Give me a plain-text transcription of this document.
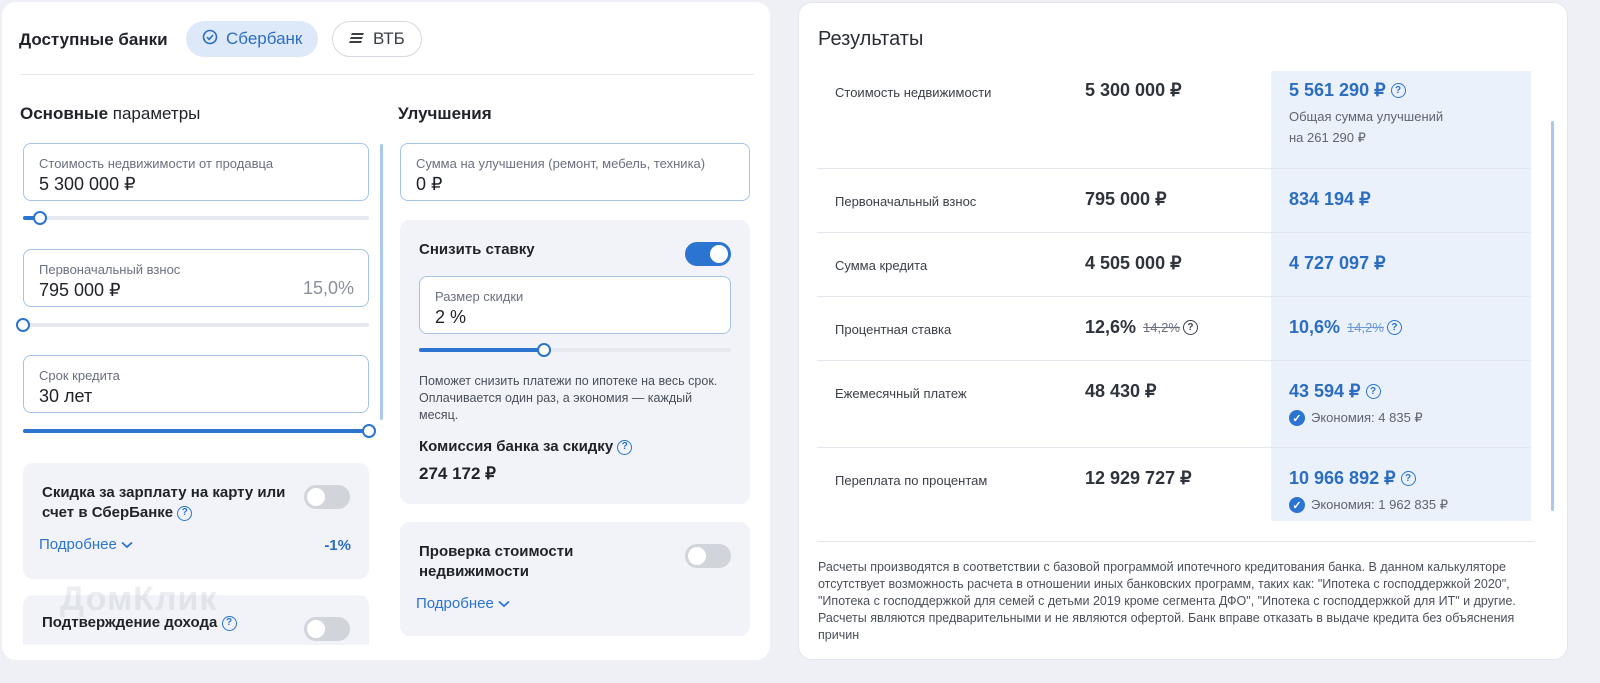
Доступные банки	Сбербанк	ВТБ
Основные параметры
Стоимость недвижимости от продавца
5 300 000 ₽
Первоначальный взнос
795 000 ₽	15,0%
Срок кредита
30 лет
Скидка за зарплату на карту или счет в СберБанке ?
Подробнее	-1%
Подтверждение дохода ?
ДомКлик
Улучшения
Сумма на улучшения (ремонт, мебель, техника)
0 ₽
Снизить ставку
Размер скидки
2 %
Поможет снизить платежи по ипотеке на весь срок. Оплачивается один раз, а экономия — каждый месяц.
Комиссия банка за скидку ?
274 172 ₽
Проверка стоимости недвижимости
Подробнее
Результаты
Стоимость недвижимости	5 300 000 ₽	5 561 290 ₽ ?
Общая сумма улучшений
на 261 290 ₽
Первоначальный взнос	795 000 ₽	834 194 ₽
Сумма кредита	4 505 000 ₽	4 727 097 ₽
Процентная ставка	12,6% 14,2% ?	10,6% 14,2% ?
Ежемесячный платеж	48 430 ₽	43 594 ₽ ?
✓ Экономия: 4 835 ₽
Переплата по процентам	12 929 727 ₽	10 966 892 ₽ ?
✓ Экономия: 1 962 835 ₽
Расчеты производятся в соответствии с базовой программой ипотечного кредитования банка. В данном калькуляторе отсутствует возможность расчета в отношении иных банковских программ, таких как: "Ипотека с господдержкой 2020", "Ипотека с господдержкой для семей с детьми 2019 кроме сегмента ДФО", "Ипотека с господдержкой для ИТ" и другие. Расчеты являются предварительными и не являются офертой. Банк вправе отказать в выдаче кредита без объяснения причин
